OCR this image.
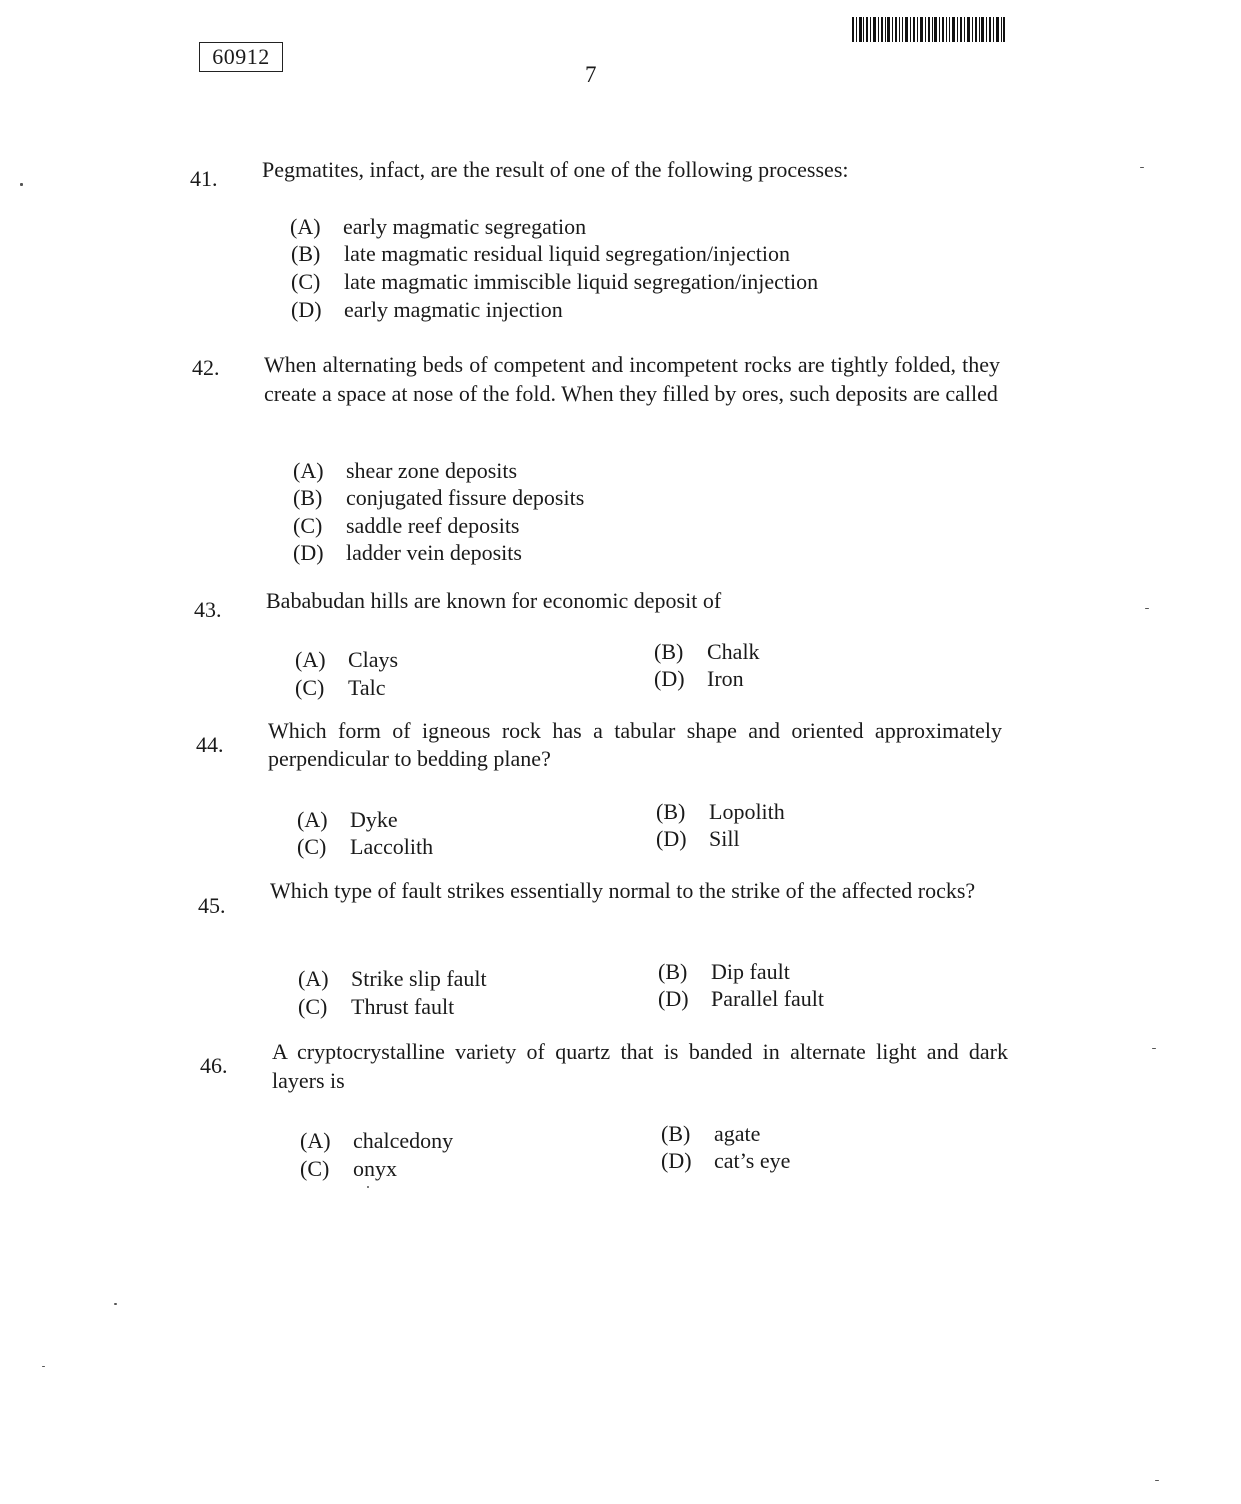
60912
7
41. Pegmatites, infact, are the result of one of the following processes:

(A) early magmatic segregation
(B) late magmatic residual liquid segregation/injection
(C) late magmatic immiscible liquid segregation/injection
(D) early magmatic injection
42. When alternating beds of competent and incompetent rocks are tightly folded, they create a space at nose of the fold. When they filled by ores, such deposits are called

(A) shear zone deposits
(B) conjugated fissure deposits
(C) saddle reef deposits
(D) ladder vein deposits
43. Bababudan hills are known for economic deposit of

(A) Clays	(B) Chalk
(C) Talc	(D) Iron
44.

Which form of igneous rock has a tabular shape and oriented approximately perpendicular to bedding plane?

(A) Dyke	(B) Lopolith
(C) Laccolith	(D) Sill
45.

Which type of fault strikes essentially normal to the strike of the affected rocks?

(A) Strike slip fault	(B) Dip fault
(C) Thrust fault	(D) Parallel fault
46.

A cryptocrystalline variety of quartz that is banded in alternate light and dark layers is

(A) chalcedony	(B) agate
(C) onyx	(D) cat’s eye
